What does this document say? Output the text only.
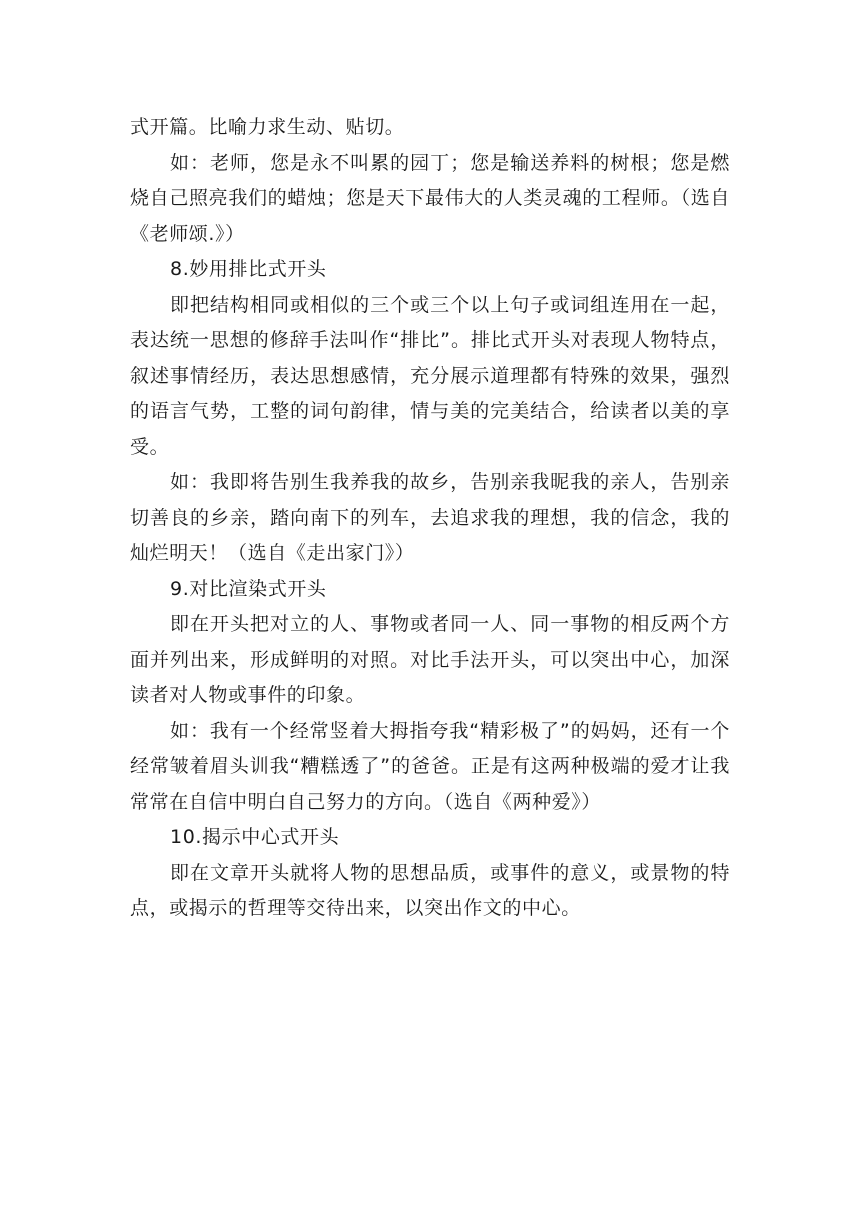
式开篇。比喻力求生动、贴切。

如：老师，您是永不叫累的园丁；您是输送养料的树根；您是燃烧自己照亮我们的蜡烛；您是天下最伟大的人类灵魂的工程师。（选自《老师颂.》）

8.妙用排比式开头

即把结构相同或相似的三个或三个以上句子或词组连用在一起，表达统一思想的修辞手法叫作“排比”。排比式开头对表现人物特点，叙述事情经历，表达思想感情，充分展示道理都有特殊的效果，强烈的语言气势，工整的词句韵律，情与美的完美结合，给读者以美的享受。

如：我即将告别生我养我的故乡，告别亲我昵我的亲人，告别亲切善良的乡亲，踏向南下的列车，去追求我的理想，我的信念，我的灿烂明天！（选自《走出家门》）

9.对比渲染式开头

即在开头把对立的人、事物或者同一人、同一事物的相反两个方面并列出来，形成鲜明的对照。对比手法开头，可以突出中心，加深读者对人物或事件的印象。

如：我有一个经常竖着大拇指夸我“精彩极了”的妈妈，还有一个经常皱着眉头训我“糟糕透了”的爸爸。正是有这两种极端的爱才让我常常在自信中明白自己努力的方向。（选自《两种爱》）

10.揭示中心式开头

即在文章开头就将人物的思想品质，或事件的意义，或景物的特点，或揭示的哲理等交待出来，以突出作文的中心。
